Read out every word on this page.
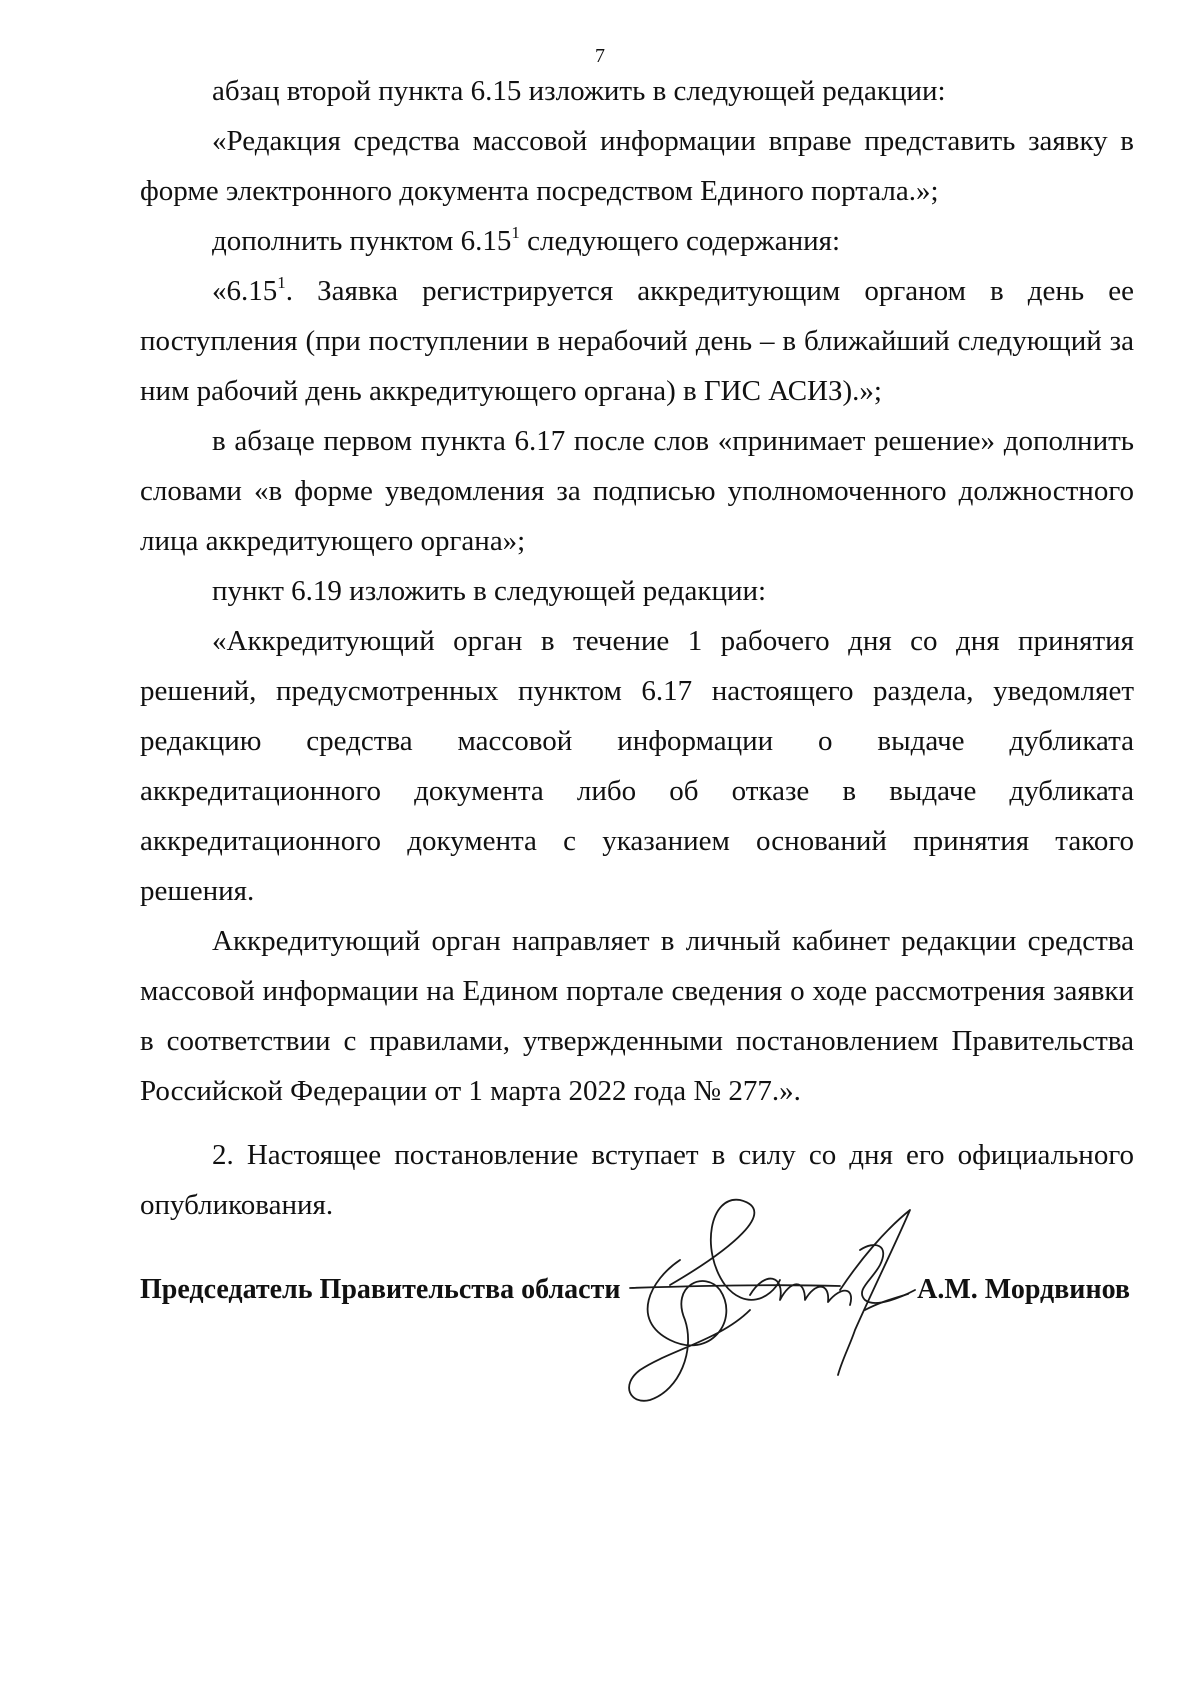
7

абзац второй пункта 6.15 изложить в следующей редакции:

«Редакция средства массовой информации вправе представить заявку в форме электронного документа посредством Единого портала.»;

дополнить пунктом 6.15$^1$ следующего содержания:

«6.15$^1$. Заявка регистрируется аккредитующим органом в день ее поступления (при поступлении в нерабочий день – в ближайший следующий за ним рабочий день аккредитующего органа) в ГИС АСИЗ).»;

в абзаце первом пункта 6.17 после слов «принимает решение» дополнить словами «в форме уведомления за подписью уполномоченного должностного лица аккредитующего органа»;

пункт 6.19 изложить в следующей редакции:

«Аккредитующий орган в течение 1 рабочего дня со дня принятия решений, предусмотренных пунктом 6.17 настоящего раздела, уведомляет редакцию средства массовой информации о выдаче дубликата аккредитационного документа либо об отказе в выдаче дубликата аккредитационного документа с указанием оснований принятия такого решения.

Аккредитующий орган направляет в личный кабинет редакции средства массовой информации на Едином портале сведения о ходе рассмотрения заявки в соответствии с правилами, утвержденными постановлением Правительства Российской Федерации от 1 марта 2022 года № 277.».

2. Настоящее постановление вступает в силу со дня его официального опубликования.

Председатель Правительства области	А.М. Мордвинов
